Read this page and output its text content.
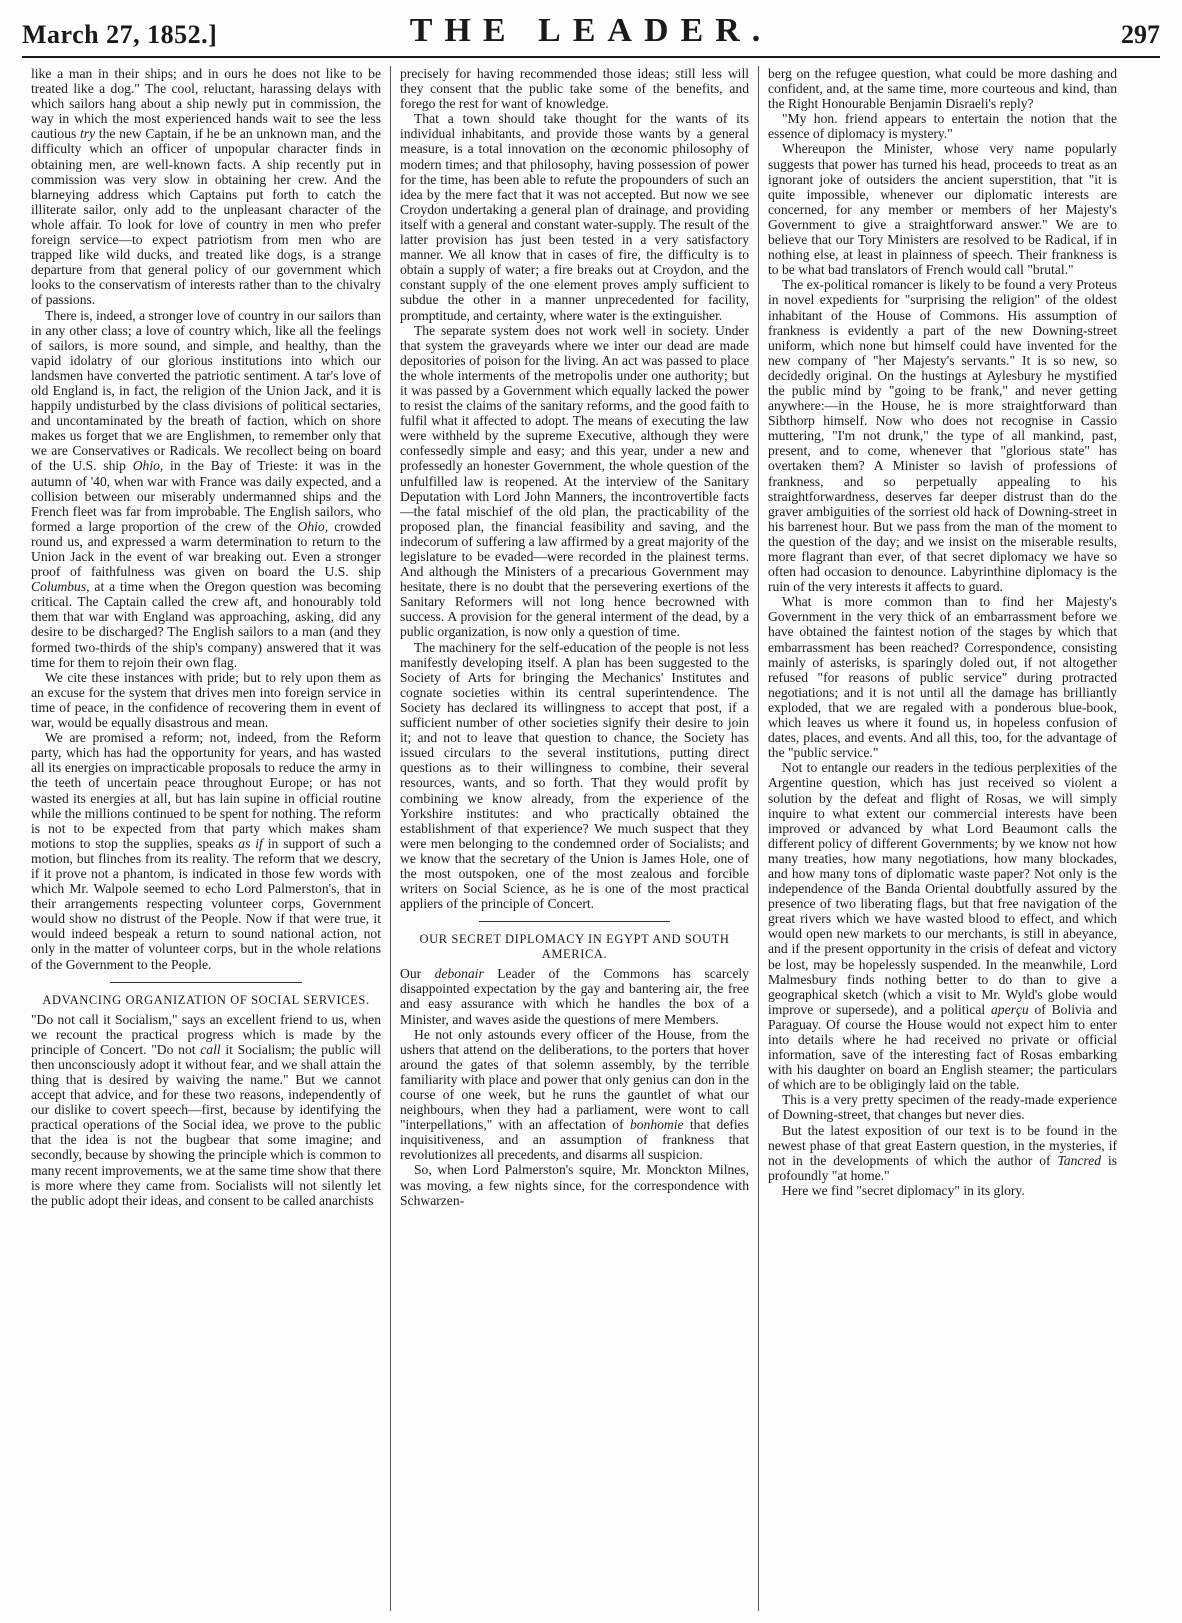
March 27, 1852.]	THE LEADER.	297

like a man in their ships; and in ours he does not like to be treated like a dog." The cool, reluctant, harassing delays with which sailors hang about a ship newly put in commission, the way in which the most experienced hands wait to see the less cautious try the new Captain, if he be an unknown man, and the difficulty which an officer of unpopular character finds in obtaining men, are well-known facts. A ship recently put in commission was very slow in obtaining her crew. And the blarneying address which Captains put forth to catch the illiterate sailor, only add to the unpleasant character of the whole affair. To look for love of country in men who prefer foreign service—to expect patriotism from men who are trapped like wild ducks, and treated like dogs, is a strange departure from that general policy of our government which looks to the conservatism of interests rather than to the chivalry of passions.

There is, indeed, a stronger love of country in our sailors than in any other class; a love of country which, like all the feelings of sailors, is more sound, and simple, and healthy, than the vapid idolatry of our glorious institutions into which our landsmen have converted the patriotic sentiment. A tar's love of old England is, in fact, the religion of the Union Jack, and it is happily undisturbed by the class divisions of political sectaries, and uncontaminated by the breath of faction, which on shore makes us forget that we are Englishmen, to remember only that we are Conservatives or Radicals. We recollect being on board of the U.S. ship Ohio, in the Bay of Trieste: it was in the autumn of '40, when war with France was daily expected, and a collision between our miserably undermanned ships and the French fleet was far from improbable. The English sailors, who formed a large proportion of the crew of the Ohio, crowded round us, and expressed a warm determination to return to the Union Jack in the event of war breaking out. Even a stronger proof of faithfulness was given on board the U.S. ship Columbus, at a time when the Oregon question was becoming critical. The Captain called the crew aft, and honourably told them that war with England was approaching, asking, did any desire to be discharged? The English sailors to a man (and they formed two-thirds of the ship's company) answered that it was time for them to rejoin their own flag.

We cite these instances with pride; but to rely upon them as an excuse for the system that drives men into foreign service in time of peace, in the confidence of recovering them in event of war, would be equally disastrous and mean.

We are promised a reform; not, indeed, from the Reform party, which has had the opportunity for years, and has wasted all its energies on impracticable proposals to reduce the army in the teeth of uncertain peace throughout Europe; or has not wasted its energies at all, but has lain supine in official routine while the millions continued to be spent for nothing. The reform is not to be expected from that party which makes sham motions to stop the supplies, speaks as if in support of such a motion, but flinches from its reality. The reform that we descry, if it prove not a phantom, is indicated in those few words with which Mr. Walpole seemed to echo Lord Palmerston's, that in their arrangements respecting volunteer corps, Government would show no distrust of the People. Now if that were true, it would indeed bespeak a return to sound national action, not only in the matter of volunteer corps, but in the whole relations of the Government to the People.

ADVANCING ORGANIZATION OF SOCIAL SERVICES.

"Do not call it Socialism," says an excellent friend to us, when we recount the practical progress which is made by the principle of Concert. "Do not call it Socialism; the public will then unconsciously adopt it without fear, and we shall attain the thing that is desired by waiving the name." But we cannot accept that advice, and for these two reasons, independently of our dislike to covert speech—first, because by identifying the practical operations of the Social idea, we prove to the public that the idea is not the bugbear that some imagine; and secondly, because by showing the principle which is common to many recent improvements, we at the same time show that there is more where they came from. Socialists will not silently let the public adopt their ideas, and consent to be called anarchists

precisely for having recommended those ideas; still less will they consent that the public take some of the benefits, and forego the rest for want of knowledge.

That a town should take thought for the wants of its individual inhabitants, and provide those wants by a general measure, is a total innovation on the œconomic philosophy of modern times; and that philosophy, having possession of power for the time, has been able to refute the propounders of such an idea by the mere fact that it was not accepted. But now we see Croydon undertaking a general plan of drainage, and providing itself with a general and constant water-supply. The result of the latter provision has just been tested in a very satisfactory manner. We all know that in cases of fire, the difficulty is to obtain a supply of water; a fire breaks out at Croydon, and the constant supply of the one element proves amply sufficient to subdue the other in a manner unprecedented for facility, promptitude, and certainty, where water is the extinguisher.

The separate system does not work well in society. Under that system the graveyards where we inter our dead are made depositories of poison for the living. An act was passed to place the whole interments of the metropolis under one authority; but it was passed by a Government which equally lacked the power to resist the claims of the sanitary reforms, and the good faith to fulfil what it affected to adopt. The means of executing the law were withheld by the supreme Executive, although they were confessedly simple and easy; and this year, under a new and professedly an honester Government, the whole question of the unfulfilled law is reopened. At the interview of the Sanitary Deputation with Lord John Manners, the incontrovertible facts—the fatal mischief of the old plan, the practicability of the proposed plan, the financial feasibility and saving, and the indecorum of suffering a law affirmed by a great majority of the legislature to be evaded—were recorded in the plainest terms. And although the Ministers of a precarious Government may hesitate, there is no doubt that the persevering exertions of the Sanitary Reformers will not long hence becrowned with success. A provision for the general interment of the dead, by a public organization, is now only a question of time.

The machinery for the self-education of the people is not less manifestly developing itself. A plan has been suggested to the Society of Arts for bringing the Mechanics' Institutes and cognate societies within its central superintendence. The Society has declared its willingness to accept that post, if a sufficient number of other societies signify their desire to join it; and not to leave that question to chance, the Society has issued circulars to the several institutions, putting direct questions as to their willingness to combine, their several resources, wants, and so forth. That they would profit by combining we know already, from the experience of the Yorkshire institutes: and who practically obtained the establishment of that experience? We much suspect that they were men belonging to the condemned order of Socialists; and we know that the secretary of the Union is James Hole, one of the most outspoken, one of the most zealous and forcible writers on Social Science, as he is one of the most practical appliers of the principle of Concert.

OUR SECRET DIPLOMACY IN EGYPT AND SOUTH AMERICA.

Our debonair Leader of the Commons has scarcely disappointed expectation by the gay and bantering air, the free and easy assurance with which he handles the box of a Minister, and waves aside the questions of mere Members.

He not only astounds every officer of the House, from the ushers that attend on the deliberations, to the porters that hover around the gates of that solemn assembly, by the terrible familiarity with place and power that only genius can don in the course of one week, but he runs the gauntlet of what our neighbours, when they had a parliament, were wont to call "interpellations," with an affectation of bonhomie that defies inquisitiveness, and an assumption of frankness that revolutionizes all precedents, and disarms all suspicion.

So, when Lord Palmerston's squire, Mr. Monckton Milnes, was moving, a few nights since, for the correspondence with Schwarzen-

berg on the refugee question, what could be more dashing and confident, and, at the same time, more courteous and kind, than the Right Honourable Benjamin Disraeli's reply?

"My hon. friend appears to entertain the notion that the essence of diplomacy is mystery."

Whereupon the Minister, whose very name popularly suggests that power has turned his head, proceeds to treat as an ignorant joke of outsiders the ancient superstition, that "it is quite impossible, whenever our diplomatic interests are concerned, for any member or members of her Majesty's Government to give a straightforward answer." We are to believe that our Tory Ministers are resolved to be Radical, if in nothing else, at least in plainness of speech. Their frankness is to be what bad translators of French would call "brutal."

The ex-political romancer is likely to be found a very Proteus in novel expedients for "surprising the religion" of the oldest inhabitant of the House of Commons. His assumption of frankness is evidently a part of the new Downing-street uniform, which none but himself could have invented for the new company of "her Majesty's servants." It is so new, so decidedly original. On the hustings at Aylesbury he mystified the public mind by "going to be frank," and never getting anywhere:—in the House, he is more straightforward than Sibthorp himself. Now who does not recognise in Cassio muttering, "I'm not drunk," the type of all mankind, past, present, and to come, whenever that "glorious state" has overtaken them? A Minister so lavish of professions of frankness, and so perpetually appealing to his straightforwardness, deserves far deeper distrust than do the graver ambiguities of the sorriest old hack of Downing-street in his barrenest hour. But we pass from the man of the moment to the question of the day; and we insist on the miserable results, more flagrant than ever, of that secret diplomacy we have so often had occasion to denounce. Labyrinthine diplomacy is the ruin of the very interests it affects to guard.

What is more common than to find her Majesty's Government in the very thick of an embarrassment before we have obtained the faintest notion of the stages by which that embarrassment has been reached? Correspondence, consisting mainly of asterisks, is sparingly doled out, if not altogether refused "for reasons of public service" during protracted negotiations; and it is not until all the damage has brilliantly exploded, that we are regaled with a ponderous blue-book, which leaves us where it found us, in hopeless confusion of dates, places, and events. And all this, too, for the advantage of the "public service."

Not to entangle our readers in the tedious perplexities of the Argentine question, which has just received so violent a solution by the defeat and flight of Rosas, we will simply inquire to what extent our commercial interests have been improved or advanced by what Lord Beaumont calls the different policy of different Governments; by we know not how many treaties, how many negotiations, how many blockades, and how many tons of diplomatic waste paper? Not only is the independence of the Banda Oriental doubtfully assured by the presence of two liberating flags, but that free navigation of the great rivers which we have wasted blood to effect, and which would open new markets to our merchants, is still in abeyance, and if the present opportunity in the crisis of defeat and victory be lost, may be hopelessly suspended. In the meanwhile, Lord Malmesbury finds nothing better to do than to give a geographical sketch (which a visit to Mr. Wyld's globe would improve or supersede), and a political aperçu of Bolivia and Paraguay. Of course the House would not expect him to enter into details where he had received no private or official information, save of the interesting fact of Rosas embarking with his daughter on board an English steamer; the particulars of which are to be obligingly laid on the table.

This is a very pretty specimen of the ready-made experience of Downing-street, that changes but never dies.

But the latest exposition of our text is to be found in the newest phase of that great Eastern question, in the mysteries, if not in the developments of which the author of Tancred is profoundly "at home."

Here we find "secret diplomacy" in its glory.
